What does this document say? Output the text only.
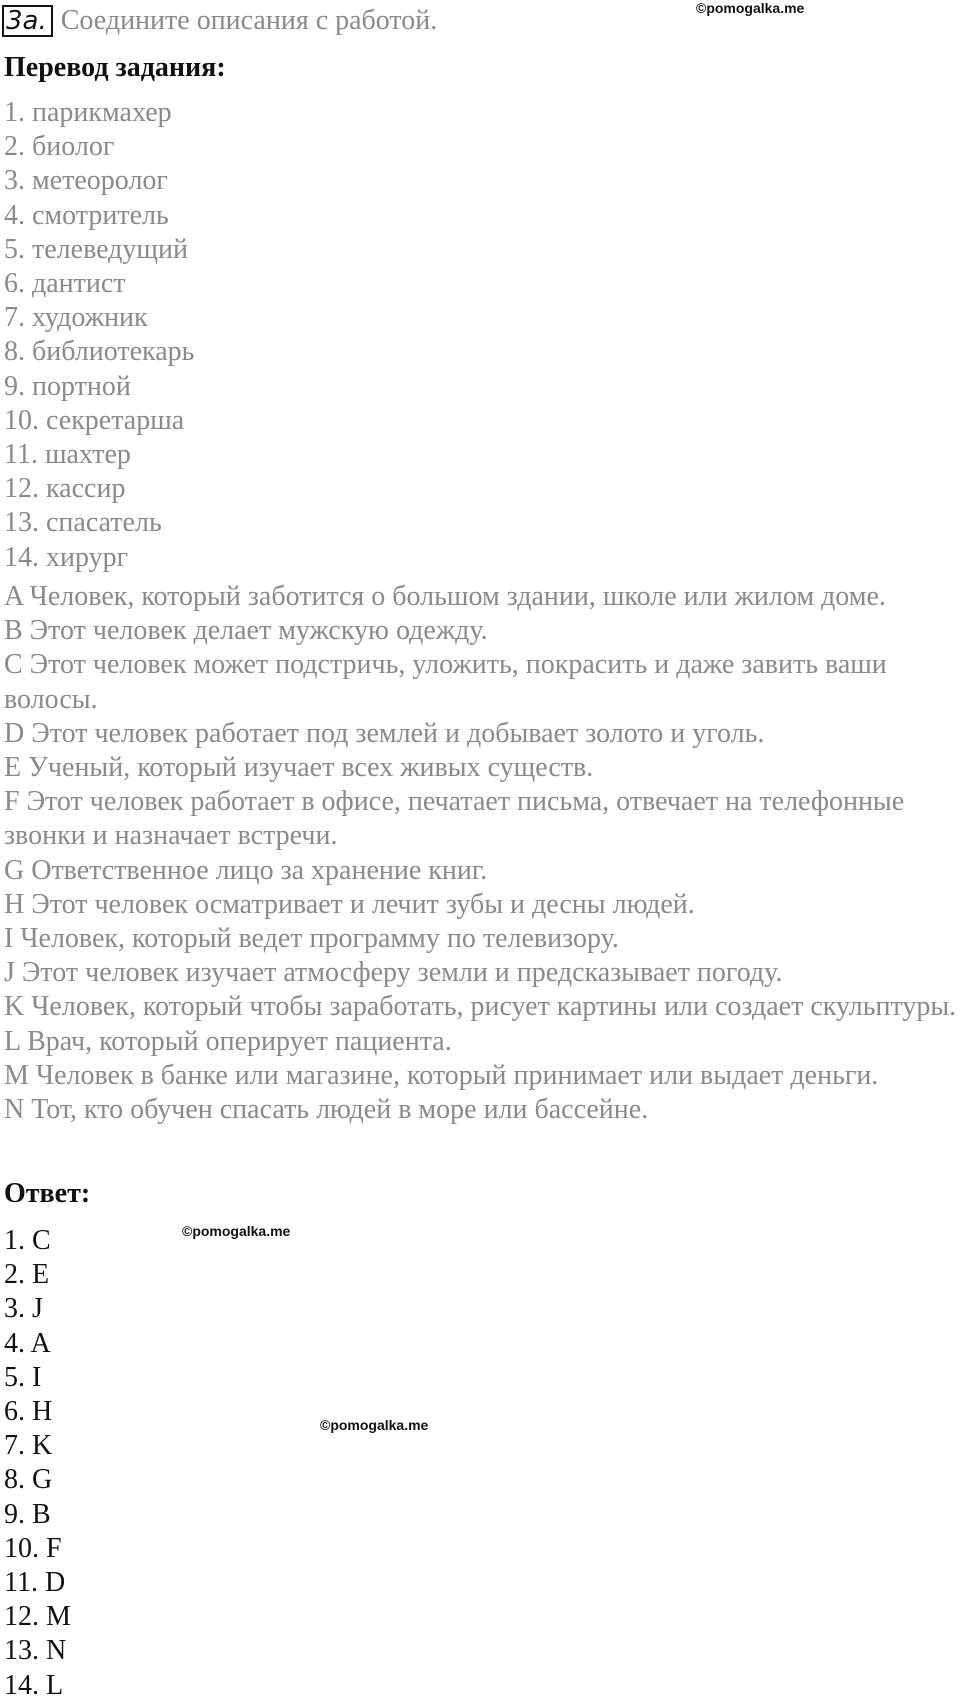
3a. Соедините описания с работой.	©pomogalka.me
Перевод задания:
1. парикмахер
2. биолог
3. метеоролог
4. смотритель
5. телеведущий
6. дантист
7. художник
8. библиотекарь
9. портной
10. секретарша
11. шахтер
12. кассир
13. спасатель
14. хирург
A Человек, который заботится о большом здании, школе или жилом доме.
B Этот человек делает мужскую одежду.
C Этот человек может подстричь, уложить, покрасить и даже завить ваши волосы.
D Этот человек работает под землей и добывает золото и уголь.
E Ученый, который изучает всех живых существ.
F Этот человек работает в офисе, печатает письма, отвечает на телефонные звонки и назначает встречи.
G Ответственное лицо за хранение книг.
H Этот человек осматривает и лечит зубы и десны людей.
I Человек, который ведет программу по телевизору.
J Этот человек изучает атмосферу земли и предсказывает погоду.
K Человек, который чтобы заработать, рисует картины или создает скульптуры.
L Врач, который оперирует пациента.
M Человек в банке или магазине, который принимает или выдает деньги.
N Тот, кто обучен спасать людей в море или бассейне.
Ответ:
©pomogalka.me
©pomogalka.me
1. C
2. E
3. J
4. A
5. I
6. H
7. K
8. G
9. B
10. F
11. D
12. M
13. N
14. L
